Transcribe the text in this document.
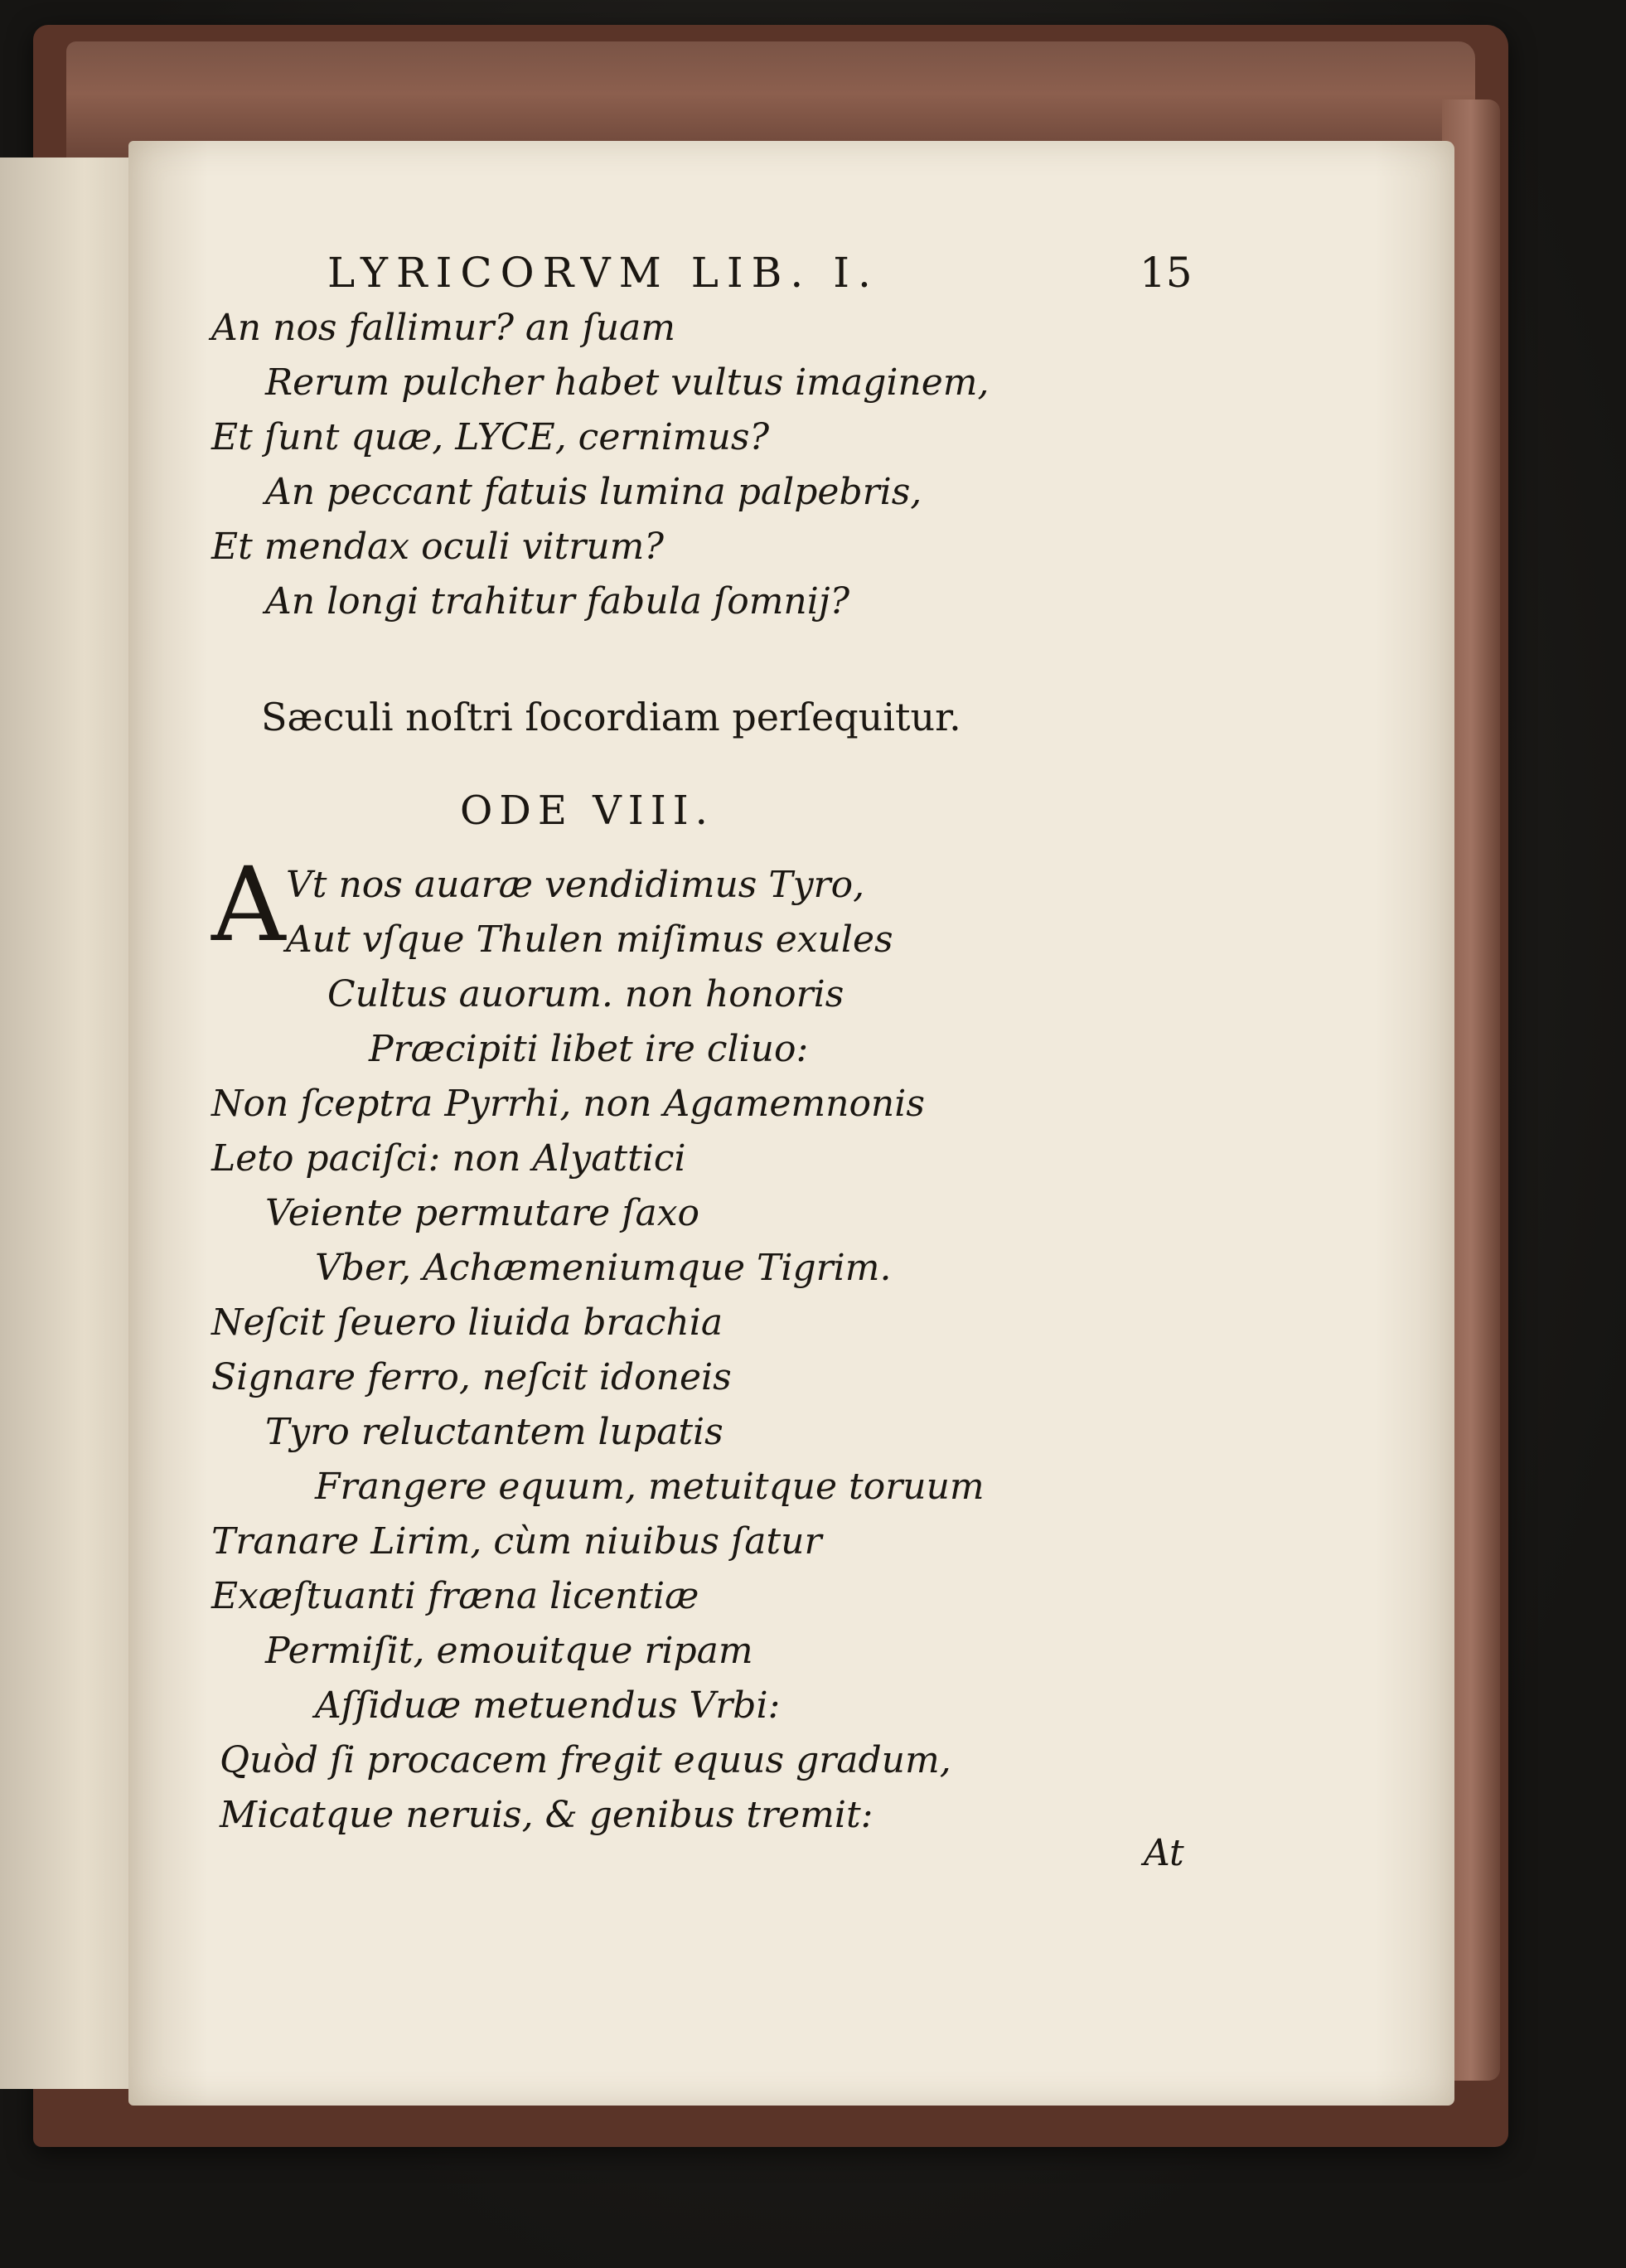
LYRICORVM LIB. I.	15
An nos fallimur? an ſuam
Rerum pulcher habet vultus imaginem,
Et ſunt quæ, LYCE, cernimus?
An peccant fatuis lumina palpebris,
Et mendax oculi vitrum?
An longi trahitur fabula ſomnij?
Sæculi noſtri ſocordiam perſequitur.
ODE VIII.
A Vt nos auaræ vendidimus Tyro,
Aut vſque Thulen miſimus exules
Cultus auorum. non honoris
Præcipiti libet ire cliuo:
Non ſceptra Pyrrhi, non Agamemnonis
Leto paciſci: non Alyattici
Veiente permutare ſaxo
Vber, Achæmeniumque Tigrim.
Neſcit ſeuero liuida brachia
Signare ferro, neſcit idoneis
Tyro reluctantem lupatis
Frangere equum, metuitque toruum
Tranare Lirim, cùm niuibus ſatur
Exæſtuanti fræna licentiæ
Permiſit, emouitque ripam
Aſſiduæ metuendus Vrbi:
Quòd ſi procacem fregit equus gradum,
Micatque neruis, & genibus tremit:
At
